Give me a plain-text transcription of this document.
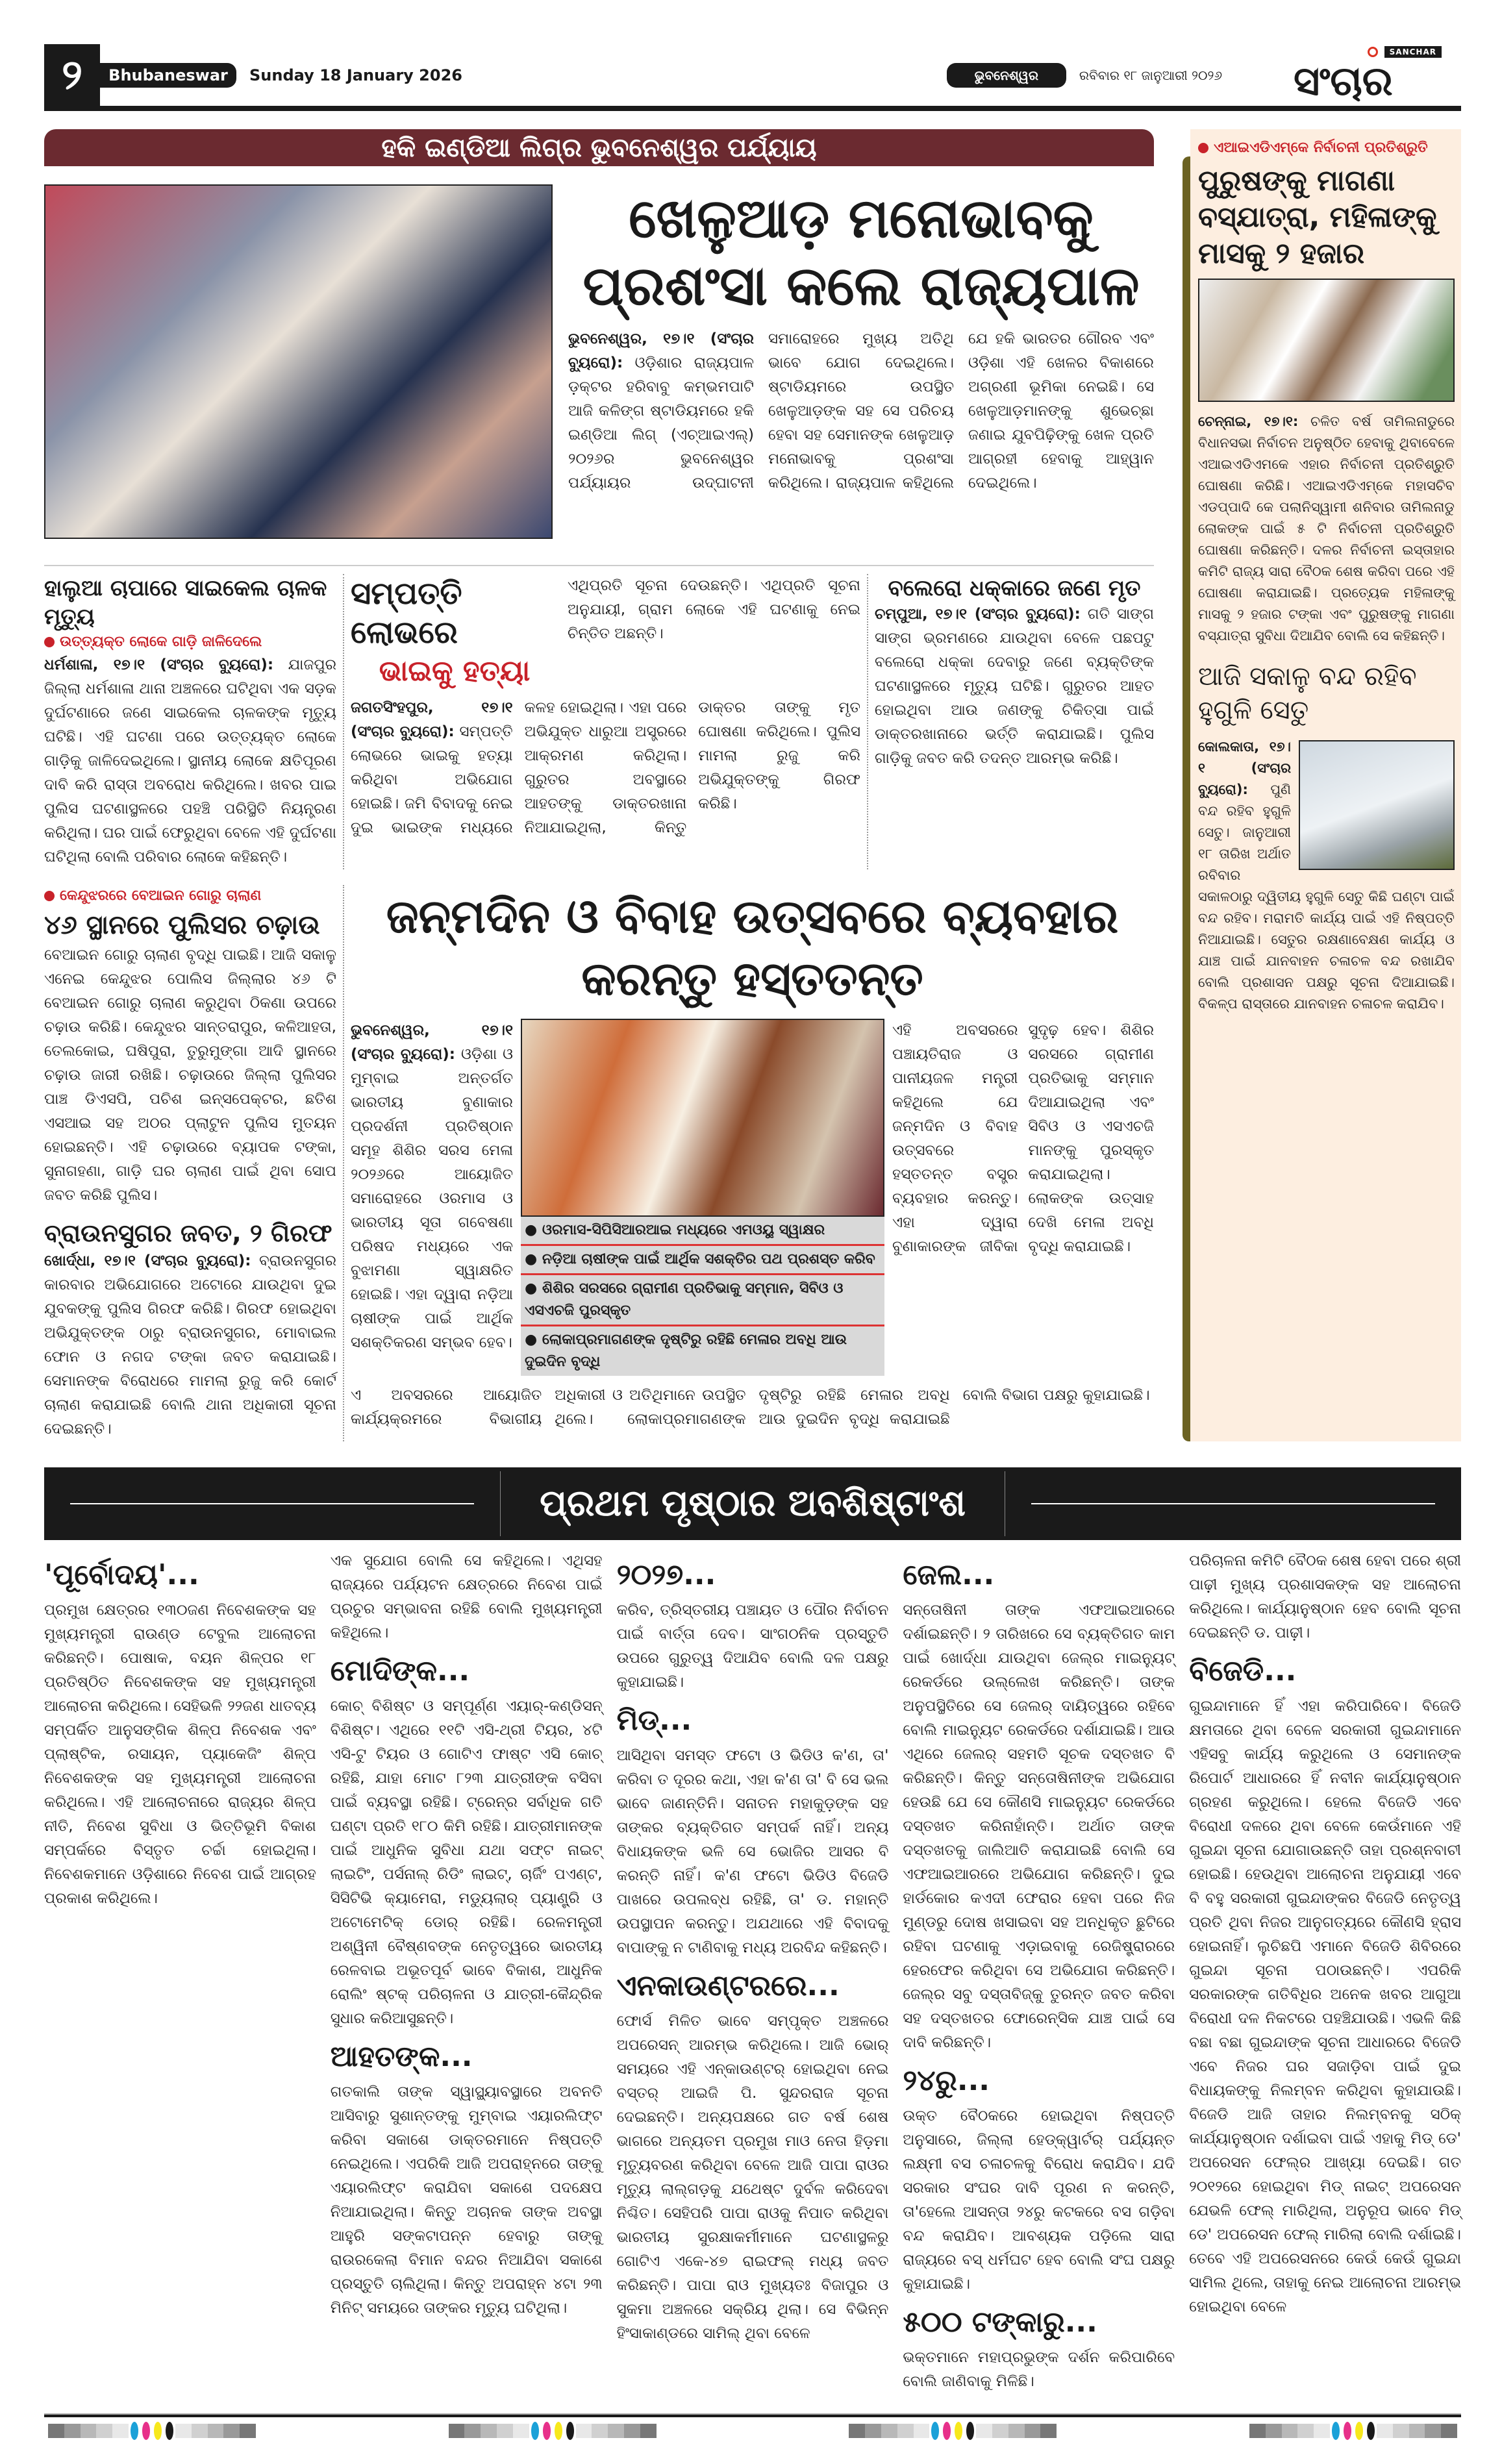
୨	Bhubaneswar	Sunday 18 January 2026	ଭୁବନେଶ୍ୱର	ରବିବାର ୧୮ ଜାନୁଆରୀ ୨୦୨୬
SANCHAR
ସଂଚାର
ହକି ଇଣ୍ଡିଆ ଲିଗ୍‌ର ଭୁବନେଶ୍ୱର ପର୍ଯ୍ୟାୟ
ଖେଳୁଆଡ଼ ମନୋଭାବକୁ ପ୍ରଶଂସା କଲେ ରାଜ୍ୟପାଳ
ଭୁବନେଶ୍ୱର, ୧୭।୧ (ସଂଚାର ବ୍ୟୁରୋ): ଓଡ଼ିଶାର ରାଜ୍ୟପାଳ ଡ଼କ୍ଟର ହରିବାବୁ କମ୍ଭମପାଟି ଆଜି କଳିଙ୍ଗ ଷ୍ଟାଡିୟମରେ ହକି ଇଣ୍ଡିଆ ଲିଗ୍ (ଏଚ୍‌ଆଇଏଲ୍) ୨୦୨୬ର ଭୁବନେଶ୍ୱର ପର୍ଯ୍ୟାୟର ଉଦ୍‌ଘାଟନୀ ସମାରୋହରେ ମୁଖ୍ୟ ଅତିଥି ଭାବେ ଯୋଗ ଦେଇଥିଲେ। ଷ୍ଟାଡିୟମରେ ଉପସ୍ଥିତ ଖେଳୁଆଡ଼ଙ୍କ ସହ ସେ ପରିଚୟ ହେବା ସହ ସେମାନଙ୍କ ଖେଳୁଆଡ଼ ମନୋଭାବକୁ ପ୍ରଶଂସା କରିଥିଲେ। ରାଜ୍ୟପାଳ କହିଥିଲେ ଯେ ହକି ଭାରତର ଗୌରବ ଏବଂ ଓଡ଼ିଶା ଏହି ଖେଳର ବିକାଶରେ ଅଗ୍ରଣୀ ଭୂମିକା ନେଇଛି। ସେ ଖେଳୁଆଡ଼ମାନଙ୍କୁ ଶୁଭେଚ୍ଛା ଜଣାଇ ଯୁବପିଢ଼ିଙ୍କୁ ଖେଳ ପ୍ରତି ଆଗ୍ରହୀ ହେବାକୁ ଆହ୍ୱାନ ଦେଇଥିଲେ।
ହାଲୁଆ ଚାପାରେ ସାଇକେଲ ଚାଳକ ମୃତ୍ୟୁ
ଉତ୍ତ୍ୟକ୍ତ ଲୋକେ ଗାଡ଼ି ଜାଳିଦେଲେ
ଧର୍ମଶାଳା, ୧୭।୧ (ସଂଚାର ବ୍ୟୁରୋ): ଯାଜପୁର ଜିଲ୍ଲା ଧର୍ମଶାଳା ଥାନା ଅଞ୍ଚଳରେ ଘଟିଥିବା ଏକ ସଡ଼କ ଦୁର୍ଘଟଣାରେ ଜଣେ ସାଇକେଲ ଚାଳକଙ୍କ ମୃତ୍ୟୁ ଘଟିଛି। ଏହି ଘଟଣା ପରେ ଉତ୍ତ୍ୟକ୍ତ ଲୋକେ ଗାଡ଼ିକୁ ଜାଳିଦେଇଥିଲେ। ସ୍ଥାନୀୟ ଲୋକେ କ୍ଷତିପୂରଣ ଦାବି କରି ରାସ୍ତା ଅବରୋଧ କରିଥିଲେ। ଖବର ପାଇ ପୁଲିସ ଘଟଣାସ୍ଥଳରେ ପହଞ୍ଚି ପରିସ୍ଥିତି ନିୟନ୍ତ୍ରଣ କରିଥିଲା। ଘର ପାଇଁ ଫେରୁଥିବା ବେଳେ ଏହି ଦୁର୍ଘଟଣା ଘଟିଥିଲା ବୋଲି ପରିବାର ଲୋକେ କହିଛନ୍ତି।
ସମ୍ପତ୍ତି ଲୋଭରେ
ଭାଇକୁ ହତ୍ୟା
ଏଥିପ୍ରତି ସୂଚନା ଦେଉଛନ୍ତି। ଏଥିପ୍ରତି ସୂଚନା ଅନୁଯାୟୀ, ଗ୍ରାମ ଲୋକେ ଏହି ଘଟଣାକୁ ନେଇ ଚିନ୍ତିତ ଅଛନ୍ତି।
ଜଗତସିଂହପୁର, ୧୭।୧ (ସଂଚାର ବ୍ୟୁରୋ): ସମ୍ପତ୍ତି ଲୋଭରେ ଭାଇକୁ ହତ୍ୟା କରିଥିବା ଅଭିଯୋଗ ହୋଇଛି। ଜମି ବିବାଦକୁ ନେଇ ଦୁଇ ଭାଇଙ୍କ ମଧ୍ୟରେ କଳହ ହୋଇଥିଲା। ଏହା ପରେ ଅଭିଯୁକ୍ତ ଧାରୁଆ ଅସ୍ତ୍ରରେ ଆକ୍ରମଣ କରିଥିଲା। ଗୁରୁତର ଅବସ୍ଥାରେ ଆହତଙ୍କୁ ଡାକ୍ତରଖାନା ନିଆଯାଇଥିଲା, କିନ୍ତୁ ଡାକ୍ତର ତାଙ୍କୁ ମୃତ ଘୋଷଣା କରିଥିଲେ। ପୁଲିସ ମାମଲା ରୁଜୁ କରି ଅଭିଯୁକ୍ତଙ୍କୁ ଗିରଫ କରିଛି।
ବଲେରୋ ଧକ୍କାରେ ଜଣେ ମୃତ
ଚମ୍ପୁଆ, ୧୭।୧ (ସଂଚାର ବ୍ୟୁରୋ): ଗତି ସାଙ୍ଗ ସାଙ୍ଗ ଭ୍ରମଣରେ ଯାଉଥିବା ବେଳେ ପଛପଟୁ ବଲେରୋ ଧକ୍କା ଦେବାରୁ ଜଣେ ବ୍ୟକ୍ତିଙ୍କ ଘଟଣାସ୍ଥଳରେ ମୃତ୍ୟୁ ଘଟିଛି। ଗୁରୁତର ଆହତ ହୋଇଥିବା ଆଉ ଜଣଙ୍କୁ ଚିକିତ୍ସା ପାଇଁ ଡାକ୍ତରଖାନାରେ ଭର୍ତ୍ତି କରାଯାଇଛି। ପୁଲିସ ଗାଡ଼ିକୁ ଜବତ କରି ତଦନ୍ତ ଆରମ୍ଭ କରିଛି।
କେନ୍ଦୁଝରରେ ବେଆଇନ ଗୋରୁ ଚାଲାଣ
୪୬ ସ୍ଥାନରେ ପୁଲିସର ଚଢ଼ାଉ
ବେଆଇନ ଗୋରୁ ଚାଲାଣ ବୃଦ୍ଧି ପାଇଛି। ଆଜି ସକାଳୁ ଏନେଇ କେନ୍ଦୁଝର ପୋଲିସ ଜିଲ୍ଲାର ୪୬ ଟି ବେଆଇନ ଗୋରୁ ଚାଲାଣ କରୁଥିବା ଠିକଣା ଉପରେ ଚଢ଼ାଉ କରିଛି। କେନ୍ଦୁଝର ସାନ୍ତରାପୁର, କଳିଆହତା, ତେଲକୋଇ, ଘଷିପୁରା, ତୁରୁମୁଙ୍ଗା ଆଦି ସ୍ଥାନରେ ଚଢ଼ାଉ ଜାରୀ ରଖିଛି। ଚଢ଼ାଉରେ ଜିଲ୍ଲା ପୁଲିସର ପାଞ୍ଚ ଡିଏସପି, ପଚିଶ ଇନ୍ସପେକ୍ଟର, ଛତିଶ ଏସଆଇ ସହ ଅଠର ପ୍ଲାଟୁନ ପୁଲିସ ମୁତୟନ ହୋଇଛନ୍ତି। ଏହି ଚଢ଼ାଉରେ ବ୍ୟାପକ ଟଙ୍କା, ସୁନାଗହଣା, ଗାଡ଼ି ଘର ଚାଲାଣ ପାଇଁ ଥିବା ସୋପ ଜବତ କରିଛି ପୁଲିସ।
ବ୍ରାଉନସୁଗର ଜବତ, ୨ ଗିରଫ
ଖୋର୍ଦ୍ଧା, ୧୭।୧ (ସଂଚାର ବ୍ୟୁରୋ): ବ୍ରାଉନସୁଗର କାରବାର ଅଭିଯୋଗରେ ଅଟୋରେ ଯାଉଥିବା ଦୁଇ ଯୁବକଙ୍କୁ ପୁଲିସ ଗିରଫ କରିଛି। ଗିରଫ ହୋଇଥିବା ଅଭିଯୁକ୍ତଙ୍କ ଠାରୁ ବ୍ରାଉନସୁଗର, ମୋବାଇଲ ଫୋନ ଓ ନଗଦ ଟଙ୍କା ଜବତ କରାଯାଇଛି। ସେମାନଙ୍କ ବିରୋଧରେ ମାମଲା ରୁଜୁ କରି କୋର୍ଟ ଚାଲାଣ କରାଯାଇଛି ବୋଲି ଥାନା ଅଧିକାରୀ ସୂଚନା ଦେଇଛନ୍ତି।
ଜନ୍ମଦିନ ଓ ବିବାହ ଉତ୍ସବରେ ବ୍ୟବହାର କରନ୍ତୁ ହସ୍ତତନ୍ତ
ଭୁବନେଶ୍ୱର, ୧୭।୧ (ସଂଚାର ବ୍ୟୁରୋ): ଓଡ଼ିଶା ଓ ମୁମ୍ବାଇ ଅନ୍ତର୍ଗତ ଭାରତୀୟ ବୁଣାକାର ପ୍ରଦର୍ଶନୀ ପ୍ରତିଷ୍ଠାନ ସମୂହ ଶିଶିର ସରସ ମେଳା ୨୦୨୬ରେ ଆୟୋଜିତ ସମାରୋହରେ ଓରମାସ ଓ ଭାରତୀୟ ସୂତା ଗବେଷଣା ପରିଷଦ ମଧ୍ୟରେ ଏକ ବୁଝାମଣା ସ୍ୱାକ୍ଷରିତ ହୋଇଛି। ଏହା ଦ୍ୱାରା ନଡ଼ିଆ ଚାଷୀଙ୍କ ପାଇଁ ଆର୍ଥିକ ସଶକ୍ତିକରଣ ସମ୍ଭବ ହେବ।
● ଓରମାସ-ସିପିସିଆରଆଇ ମଧ୍ୟରେ ଏମଓୟୁ ସ୍ୱାକ୍ଷର
● ନଡ଼ିଆ ଚାଷୀଙ୍କ ପାଇଁ ଆର୍ଥିକ ସଶକ୍ତିର ପଥ ପ୍ରଶସ୍ତ କରିବ
● ଶିଶିର ସରସରେ ଗ୍ରାମୀଣ ପ୍ରତିଭାକୁ ସମ୍ମାନ, ସିବିଓ ଓ ଏସଏଚଜି ପୁରସ୍କୃତ
● ଲୋକାପ୍ରମାଗଣଙ୍କ ଦୃଷ୍ଟିରୁ ରହିଛି ମେଳାର ଅବଧି ଆଉ ଦୁଇଦିନ ବୃଦ୍ଧି
ଏହି ଅବସରରେ ପଞ୍ଚାୟତିରାଜ ଓ ପାନୀୟଜଳ ମନ୍ତ୍ରୀ କହିଥିଲେ ଯେ ଜନ୍ମଦିନ ଓ ବିବାହ ଉତ୍ସବରେ ହସ୍ତତନ୍ତ ବସ୍ତ୍ର ବ୍ୟବହାର କରନ୍ତୁ। ଏହା ଦ୍ୱାରା ବୁଣାକାରଙ୍କ ଜୀବିକା ସୁଦୃଢ଼ ହେବ। ଶିଶିର ସରସରେ ଗ୍ରାମୀଣ ପ୍ରତିଭାକୁ ସମ୍ମାନ ଦିଆଯାଇଥିଲା ଏବଂ ସିବିଓ ଓ ଏସଏଚଜି ମାନଙ୍କୁ ପୁରସ୍କୃତ କରାଯାଇଥିଲା। ଲୋକଙ୍କ ଉତ୍ସାହ ଦେଖି ମେଳା ଅବଧି ବୃଦ୍ଧି କରାଯାଇଛି।
ଏ ଅବସରରେ ଆୟୋଜିତ କାର୍ଯ୍ୟକ୍ରମରେ ବିଭାଗୀୟ ଅଧିକାରୀ ଓ ଅତିଥିମାନେ ଉପସ୍ଥିତ ଥିଲେ। ଲୋକାପ୍ରମାଗଣଙ୍କ ଦୃଷ୍ଟିରୁ ରହିଛି ମେଳାର ଅବଧି ଆଉ ଦୁଇଦିନ ବୃଦ୍ଧି କରାଯାଇଛି ବୋଲି ବିଭାଗ ପକ୍ଷରୁ କୁହାଯାଇଛି।
ଏଆଇଏଡିଏମ୍‌କେ ନିର୍ବାଚନୀ ପ୍ରତିଶ୍ରୁତି
ପୁରୁଷଙ୍କୁ ମାଗଣା ବସ୍‌ଯାତ୍ରା, ମହିଳାଙ୍କୁ ମାସକୁ ୨ ହଜାର
ଚେନ୍ନାଇ, ୧୭।୧: ଚଳିତ ବର୍ଷ ତାମିଲନାଡୁରେ ବିଧାନସଭା ନିର୍ବାଚନ ଅନୁଷ୍ଠିତ ହେବାକୁ ଥିବାବେଳେ ଏଆଇଏଡିଏମକେ ଏହାର ନିର୍ବାଚନୀ ପ୍ରତିଶ୍ରୁତି ଘୋଷଣା କରିଛି। ଏଆଇଏଡିଏମ୍‌କେ ମହାସଚିବ ଏଡପ୍ପାଦି କେ ପଲାନିସ୍ୱାମୀ ଶନିବାର ତାମିଲନାଡୁ ଲୋକଙ୍କ ପାଇଁ ୫ ଟି ନିର୍ବାଚନୀ ପ୍ରତିଶ୍ରୁତି ଘୋଷଣା କରିଛନ୍ତି। ଦଳର ନିର୍ବାଚନୀ ଇସ୍ତାହାର କମିଟି ରାଜ୍ୟ ସାରା ବୈଠକ ଶେଷ କରିବା ପରେ ଏହି ଘୋଷଣା କରାଯାଇଛି। ପ୍ରତ୍ୟେକ ମହିଳାଙ୍କୁ ମାସକୁ ୨ ହଜାର ଟଙ୍କା ଏବଂ ପୁରୁଷଙ୍କୁ ମାଗଣା ବସ୍‌ଯାତ୍ରା ସୁବିଧା ଦିଆଯିବ ବୋଲି ସେ କହିଛନ୍ତି।
ଆଜି ସକାଳୁ ବନ୍ଦ ରହିବ ହୁଗୁଳି ସେତୁ
କୋଲକାତା, ୧୭।୧ (ସଂଚାର ବ୍ୟୁରୋ): ପୁଣି ବନ୍ଦ ରହିବ ହୁଗୁଳି ସେତୁ। ଜାନୁଆରୀ ୧୮ ତାରିଖ ଅର୍ଥାତ ରବିବାର ସକାଳଠାରୁ ଦ୍ୱିତୀୟ ହୁଗୁଳି ସେତୁ କିଛି ଘଣ୍ଟା ପାଇଁ ବନ୍ଦ ରହିବ। ମରାମତି କାର୍ଯ୍ୟ ପାଇଁ ଏହି ନିଷ୍ପତ୍ତି ନିଆଯାଇଛି। ସେତୁର ରକ୍ଷଣାବେକ୍ଷଣ କାର୍ଯ୍ୟ ଓ ଯାଞ୍ଚ ପାଇଁ ଯାନବାହନ ଚଳାଚଳ ବନ୍ଦ ରଖାଯିବ ବୋଲି ପ୍ରଶାସନ ପକ୍ଷରୁ ସୂଚନା ଦିଆଯାଇଛି। ବିକଳ୍ପ ରାସ୍ତାରେ ଯାନବାହନ ଚଳାଚଳ କରାଯିବ।
ପ୍ରଥମ ପୃଷ୍ଠାର ଅବଶିଷ୍ଟାଂଶ
'ପୂର୍ବୋଦୟ'...
ପ୍ରମୁଖ କ୍ଷେତ୍ରର ୧୩୦ଜଣ ନିବେଶକଙ୍କ ସହ ମୁଖ୍ୟମନ୍ତ୍ରୀ ରାଉଣ୍ଡ ଟେବୁଲ ଆଲୋଚନା କରିଛନ୍ତି। ପୋଷାକ, ବୟନ ଶିଳ୍ପର ୧୮ ପ୍ରତିଷ୍ଠିତ ନିବେଶକଙ୍କ ସହ ମୁଖ୍ୟମନ୍ତ୍ରୀ ଆଲୋଚନା କରିଥିଲେ। ସେହିଭଳି ୨୨ଜଣ ଧାତବ୍ୟ ସମ୍ପର୍କିତ ଆନୁସଙ୍ଗିକ ଶିଳ୍ପ ନିବେଶକ ଏବଂ ପ୍ଲାଷ୍ଟିକ, ରସାୟନ, ପ୍ୟାକେଜିଂ ଶିଳ୍ପ ନିବେଶକଙ୍କ ସହ ମୁଖ୍ୟମନ୍ତ୍ରୀ ଆଲୋଚନା କରିଥିଲେ। ଏହି ଆଲୋଚନାରେ ରାଜ୍ୟର ଶିଳ୍ପ ନୀତି, ନିବେଶ ସୁବିଧା ଓ ଭିତ୍ତିଭୂମି ବିକାଶ ସମ୍ପର୍କରେ ବିସ୍ତୃତ ଚର୍ଚ୍ଚା ହୋଇଥିଲା। ନିବେଶକମାନେ ଓଡ଼ିଶାରେ ନିବେଶ ପାଇଁ ଆଗ୍ରହ ପ୍ରକାଶ କରିଥିଲେ।
ଏକ ସୁଯୋଗ ବୋଲି ସେ କହିଥିଲେ। ଏଥିସହ ରାଜ୍ୟରେ ପର୍ଯ୍ୟଟନ କ୍ଷେତ୍ରରେ ନିବେଶ ପାଇଁ ପ୍ରଚୁର ସମ୍ଭାବନା ରହିଛି ବୋଲି ମୁଖ୍ୟମନ୍ତ୍ରୀ କହିଥିଲେ।
ମୋଦିଙ୍କ...
କୋଚ୍ ବିଶିଷ୍ଟ ଓ ସମ୍ପୂର୍ଣ୍ଣ ଏୟାର୍-କଣ୍ଡିସନ୍ ବିଶିଷ୍ଟ। ଏଥିରେ ୧୧ଟି ଏସି-ଥ୍ରୀ ଟିୟର, ୪ଟି ଏସି-ଟୁ ଟିୟର ଓ ଗୋଟିଏ ଫାଷ୍ଟ ଏସି କୋଚ୍ ରହିଛି, ଯାହା ମୋଟ ୮୨୩ ଯାତ୍ରୀଙ୍କ ବସିବା ପାଇଁ ବ୍ୟବସ୍ଥା ରହିଛି। ଟ୍ରେନ୍‌ର ସର୍ବାଧିକ ଗତି ଘଣ୍ଟା ପ୍ରତି ୧୮୦ କିମି ରହିଛି। ଯାତ୍ରୀମାନଙ୍କ ପାଇଁ ଆଧୁନିକ ସୁବିଧା ଯଥା ସଫ୍ଟ ନାଇଟ୍ ଲାଇଟିଂ, ପର୍ସନାଲ୍ ରିଡିଂ ଲାଇଟ୍, ଚାର୍ଜିଂ ପଏଣ୍ଟ, ସିସିଟିଭି କ୍ୟାମେରା, ମଡ୍ୟୁଲାର୍ ପ୍ୟାଣ୍ଟ୍ରି ଓ ଅଟୋମେଟିକ୍ ଡୋର୍ ରହିଛି। ରେଳମନ୍ତ୍ରୀ ଅଶ୍ୱିନୀ ବୈଷ୍ଣବଙ୍କ ନେତୃତ୍ୱରେ ଭାରତୀୟ ରେଳବାଇ ଅଭୂତପୂର୍ବ ଭାବେ ବିକାଶ, ଆଧୁନିକ ରୋଲିଂ ଷ୍ଟକ୍ ପରିଚାଳନା ଓ ଯାତ୍ରୀ-କୈନ୍ଦ୍ରିକ ସୁଧାର କରିଆସୁଛନ୍ତି।
ଆହତଙ୍କ...
ଗତକାଲି ତାଙ୍କ ସ୍ୱାସ୍ଥ୍ୟାବସ୍ଥାରେ ଅବନତି ଆସିବାରୁ ସୁଶାନ୍ତଙ୍କୁ ମୁମ୍ବାଇ ଏୟାରଲିଫ୍ଟ କରିବା ସକାଶେ ଡାକ୍ତରମାନେ ନିଷ୍ପତ୍ତି ନେଇଥିଲେ। ଏପରିକି ଆଜି ଅପରାହ୍ନରେ ତାଙ୍କୁ ଏୟାରଲିଫ୍ଟ କରାଯିବା ସକାଶେ ପଦକ୍ଷେପ ନିଆଯାଇଥିଲା। କିନ୍ତୁ ଅଚାନକ ତାଙ୍କ ଅବସ୍ଥା ଆହୁରି ସଙ୍କଟାପନ୍ନ ହେବାରୁ ତାଙ୍କୁ ରାଉରକେଲା ବିମାନ ବନ୍ଦର ନିଆଯିବା ସକାଶେ ପ୍ରସ୍ତୁତି ଚାଲିଥିଲା। କିନ୍ତୁ ଅପରାହ୍ନ ୪ଟା ୨୩ ମିନିଟ୍ ସମୟରେ ତାଙ୍କର ମୃତ୍ୟୁ ଘଟିଥିଲା।
୨୦୨୭...
କରିବ, ତ୍ରିସ୍ତରୀୟ ପଞ୍ଚାୟତ ଓ ପୌର ନିର୍ବାଚନ ପାଇଁ ବାର୍ତ୍ତା ଦେବ। ସାଂଗଠନିକ ପ୍ରସ୍ତୁତି ଉପରେ ଗୁରୁତ୍ୱ ଦିଆଯିବ ବୋଲି ଦଳ ପକ୍ଷରୁ କୁହାଯାଇଛି।
ମିଡ୍...
ଆସିଥିବା ସମସ୍ତ ଫଟୋ ଓ ଭିଡିଓ କ'ଣ, ତା' କରିବା ତ ଦୂରର କଥା, ଏହା କ'ଣ ତା' ବି ସେ ଭଲ ଭାବେ ଜାଣନ୍ତିନି। ସନାତନ ମହାକୁଡ଼ଙ୍କ ସହ ତାଙ୍କର ବ୍ୟକ୍ତିଗତ ସମ୍ପର୍କ ନାହିଁ। ଅନ୍ୟ ବିଧାୟକଙ୍କ ଭଳି ସେ ଭୋଜିର ଆସର ବି କରନ୍ତି ନାହିଁ। କ'ଣ ଫଟୋ ଭିଡିଓ ବିଜେଡି ପାଖରେ ଉପଲବ୍ଧ ରହିଛି, ତା' ଡ. ମହାନ୍ତି ଉପସ୍ଥାପନ କରନ୍ତୁ। ଅଯଥାରେ ଏହି ବିବାଦକୁ ବାପାଙ୍କୁ ନ ଟାଣିବାକୁ ମଧ୍ୟ ଅରବିନ୍ଦ କହିଛନ୍ତି।
ଏନକାଉଣ୍ଟରରେ...
ଫୋର୍ସ ମିଳିତ ଭାବେ ସମ୍ପୃକ୍ତ ଅଞ୍ଚଳରେ ଅପରେସନ୍ ଆରମ୍ଭ କରିଥିଲେ। ଆଜି ଭୋର୍ ସମୟରେ ଏହି ଏନ୍‌କାଉଣ୍ଟର୍ ହୋଇଥିବା ନେଇ ବସ୍ତର୍ ଆଇଜି ପି. ସୁନ୍ଦରରାଜ ସୂଚନା ଦେଇଛନ୍ତି। ଅନ୍ୟପକ୍ଷରେ ଗତ ବର୍ଷ ଶେଷ ଭାଗରେ ଅନ୍ୟତମ ପ୍ରମୁଖ ମାଓ ନେତା ହିଡ଼ମା ମୃତ୍ୟୁବରଣ କରିଥିବା ବେଳେ ଆଜି ପାପା ରାଓର ମୃତ୍ୟୁ ଲାଲ୍‌ଗଡ଼କୁ ଯଥେଷ୍ଟ ଦୁର୍ବଳ କରିଦେବା ନିଶ୍ଚିତ। ସେହିପରି ପାପା ରାଓକୁ ନିପାତ କରିଥିବା ଭାରତୀୟ ସୁରକ୍ଷାକର୍ମୀମାନେ ଘଟଣାସ୍ଥଳରୁ ଗୋଟିଏ ଏକେ-୪୭ ରାଇଫଲ୍ ମଧ୍ୟ ଜବତ କରିଛନ୍ତି। ପାପା ରାଓ ମୁଖ୍ୟତଃ ବିଜାପୁର ଓ ସୁକମା ଅଞ୍ଚଳରେ ସକ୍ରିୟ ଥିଲା। ସେ ବିଭିନ୍ନ ହିଂସାକାଣ୍ଡରେ ସାମିଲ୍ ଥିବା ବେଳେ
ଜେଲ...
ସନ୍ତୋଷିନୀ ତାଙ୍କ ଏଫଆଇଆରରେ ଦର୍ଶାଇଛନ୍ତି। ୨ ତାରିଖରେ ସେ ବ୍ୟକ୍ତିଗତ କାମ ପାଇଁ ଖୋର୍ଦ୍ଧା ଯାଉଥିବା ଜେଲ୍‌ର ମାଇନ୍ୟୁଟ୍ ରେକର୍ଡରେ ଉଲ୍ଲେଖ କରିଛନ୍ତି। ତାଙ୍କ ଅନୁପସ୍ଥିତିରେ ସେ ଜେଲର୍ ଦାୟିତ୍ୱରେ ରହିବେ ବୋଲି ମାଇନ୍ୟୁଟ ରେକର୍ଡରେ ଦର୍ଶାଯାଇଛି। ଆଉ ଏଥିରେ ଜେଲର୍ ସହମତି ସୂଚକ ଦସ୍ତଖତ ବି କରିଛନ୍ତି। କିନ୍ତୁ ସନ୍ତୋଷିନୀଙ୍କ ଅଭିଯୋଗ ହେଉଛି ଯେ ସେ କୌଣସି ମାଇନ୍ୟୁଟ ରେକର୍ଡରେ ଦସ୍ତଖତ କରିନାହାଁନ୍ତି। ଅର୍ଥାତ ତାଙ୍କ ଦସ୍ତଖତକୁ ଜାଲିଆତି କରାଯାଇଛି ବୋଲି ସେ ଏଫଆଇଆରରେ ଅଭିଯୋଗ କରିଛନ୍ତି। ଦୁଇ ହାର୍ଡକୋର କଏଦୀ ଫେରାର ହେବା ପରେ ନିଜ ମୁଣ୍ଡରୁ ଦୋଷ ଖସାଇବା ସହ ଅନଧିକୃତ ଛୁଟିରେ ରହିବା ଘଟଣାକୁ ଏଡ଼ାଇବାକୁ ରେଜିଷ୍ଟ୍ରାରରେ ହେରଫେର କରିଥିବା ସେ ଅଭିଯୋଗ କରିଛନ୍ତି। ଜେଲ୍‌ର ସବୁ ଦସ୍ତାବିଜ୍‌କୁ ତୁରନ୍ତ ଜବତ କରିବା ସହ ଦସ୍ତଖତର ଫୋରେନ୍‌ସିକ ଯାଞ୍ଚ ପାଇଁ ସେ ଦାବି କରିଛନ୍ତି।
୨୪ରୁ...
ଉକ୍ତ ବୈଠକରେ ହୋଇଥିବା ନିଷ୍ପତ୍ତି ଅନୁସାରେ, ଜିଲ୍ଲା ହେଡ୍‌କ୍ୱାର୍ଟର୍ ପର୍ଯ୍ୟନ୍ତ ଲକ୍ଷ୍ମୀ ବସ ଚଳାଚଳକୁ ବିରୋଧ କରାଯିବ। ଯଦି ସରକାର ସଂଘର ଦାବି ପୂରଣ ନ କରନ୍ତି, ତା'ହେଲେ ଆସନ୍ତା ୨୪ରୁ କଟକରେ ବସ ଗଡ଼ିବା ବନ୍ଦ କରାଯିବ। ଆବଶ୍ୟକ ପଡ଼ିଲେ ସାରା ରାଜ୍ୟରେ ବସ୍ ଧର୍ମଘଟ ହେବ ବୋଲି ସଂଘ ପକ୍ଷରୁ କୁହାଯାଇଛି।
୫୦୦ ଟଙ୍କାରୁ...
ଭକ୍ତମାନେ ମହାପ୍ରଭୁଙ୍କ ଦର୍ଶନ କରିପାରିବେ ବୋଲି ଜାଣିବାକୁ ମିଳିଛି।
ପରିଚାଳନା କମିଟି ବୈଠକ ଶେଷ ହେବା ପରେ ଶ୍ରୀ ପାଢ଼ୀ ମୁଖ୍ୟ ପ୍ରଶାସକଙ୍କ ସହ ଆଲୋଚନା କରିଥିଲେ। କାର୍ଯ୍ୟାନୁଷ୍ଠାନ ହେବ ବୋଲି ସୂଚନା ଦେଇଛନ୍ତି ଡ. ପାଢ଼ୀ।
ବିଜେଡି...
ଗୁଇନ୍ଦାମାନେ ହିଁ ଏହା କରିପାରିବେ। ବିଜେଡି କ୍ଷମତାରେ ଥିବା ବେଳେ ସରକାରୀ ଗୁଇନ୍ଦାମାନେ ଏହିସବୁ କାର୍ଯ୍ୟ କରୁଥିଲେ ଓ ସେମାନଙ୍କ ରିପୋର୍ଟ ଆଧାରରେ ହିଁ ନବୀନ କାର୍ଯ୍ୟାନୁଷ୍ଠାନ ଗ୍ରହଣ କରୁଥିଲେ। ହେଲେ ବିଜେଡି ଏବେ ବିରୋଧୀ ଦଳରେ ଥିବା ବେଳେ କେଉଁମାନେ ଏହି ଗୁଇନ୍ଦା ସୂଚନା ଯୋଗାଉଛନ୍ତି ତାହା ପ୍ରଶ୍ନବାଚୀ ହୋଇଛି। ହେଉଥିବା ଆଲୋଚନା ଅନୁଯାୟୀ ଏବେ ବି ବହୁ ସରକାରୀ ଗୁଇନ୍ଦାଙ୍କର ବିଜେଡି ନେତୃତ୍ୱ ପ୍ରତି ଥିବା ନିଜର ଆନୁଗତ୍ୟରେ କୌଣସି ହ୍ରାସ ହୋଇନାହିଁ। ଲୁଚିଛପି ଏମାନେ ବିଜେଡି ଶିବିରରେ ଗୁଇନ୍ଦା ସୂଚନା ପଠାଉଛନ୍ତି। ଏପରିକି ସରକାରଙ୍କ ଗତିବିଧିର ଅନେକ ଖବର ଆଗୁଆ ବିରୋଧୀ ଦଳ ନିକଟରେ ପହଞ୍ଚିଯାଉଛି। ଏଭଳି କିଛି ବଛା ବଛା ଗୁଇନ୍ଦାଙ୍କ ସୂଚନା ଆଧାରରେ ବିଜେଡି ଏବେ ନିଜର ଘର ସଜାଡ଼ିବା ପାଇଁ ଦୁଇ ବିଧାୟକଙ୍କୁ ନିଲମ୍ବନ କରିଥିବା କୁହାଯାଉଛି। ବିଜେଡି ଆଜି ତାହାର ନିଲମ୍ବନକୁ ସଠିକ୍ କାର୍ଯ୍ୟାନୁଷ୍ଠାନ ଦର୍ଶାଇବା ପାଇଁ ଏହାକୁ ମିଡ୍ ଡେ' ଅପରେସନ ଫେଲ୍‌ର ଆଖ୍ୟା ଦେଇଛି। ଗତ ୨୦୧୨ରେ ହୋଇଥିବା ମିଡ୍ ନାଇଟ୍ ଅପରେସନ ଯେଭଳି ଫେଲ୍ ମାରିଥିଲା, ଅନୁରୂପ ଭାବେ ମିଡ୍ ଡେ' ଅପରେସନ ଫେଲ୍ ମାରିଲା ବୋଲି ଦର୍ଶାଇଛି। ତେବେ ଏହି ଅପରେସନରେ କେଉଁ କେଉଁ ଗୁଇନ୍ଦା ସାମିଲ ଥିଲେ, ତାହାକୁ ନେଇ ଆଲୋଚନା ଆରମ୍ଭ ହୋଇଥିବା ବେଳେ
